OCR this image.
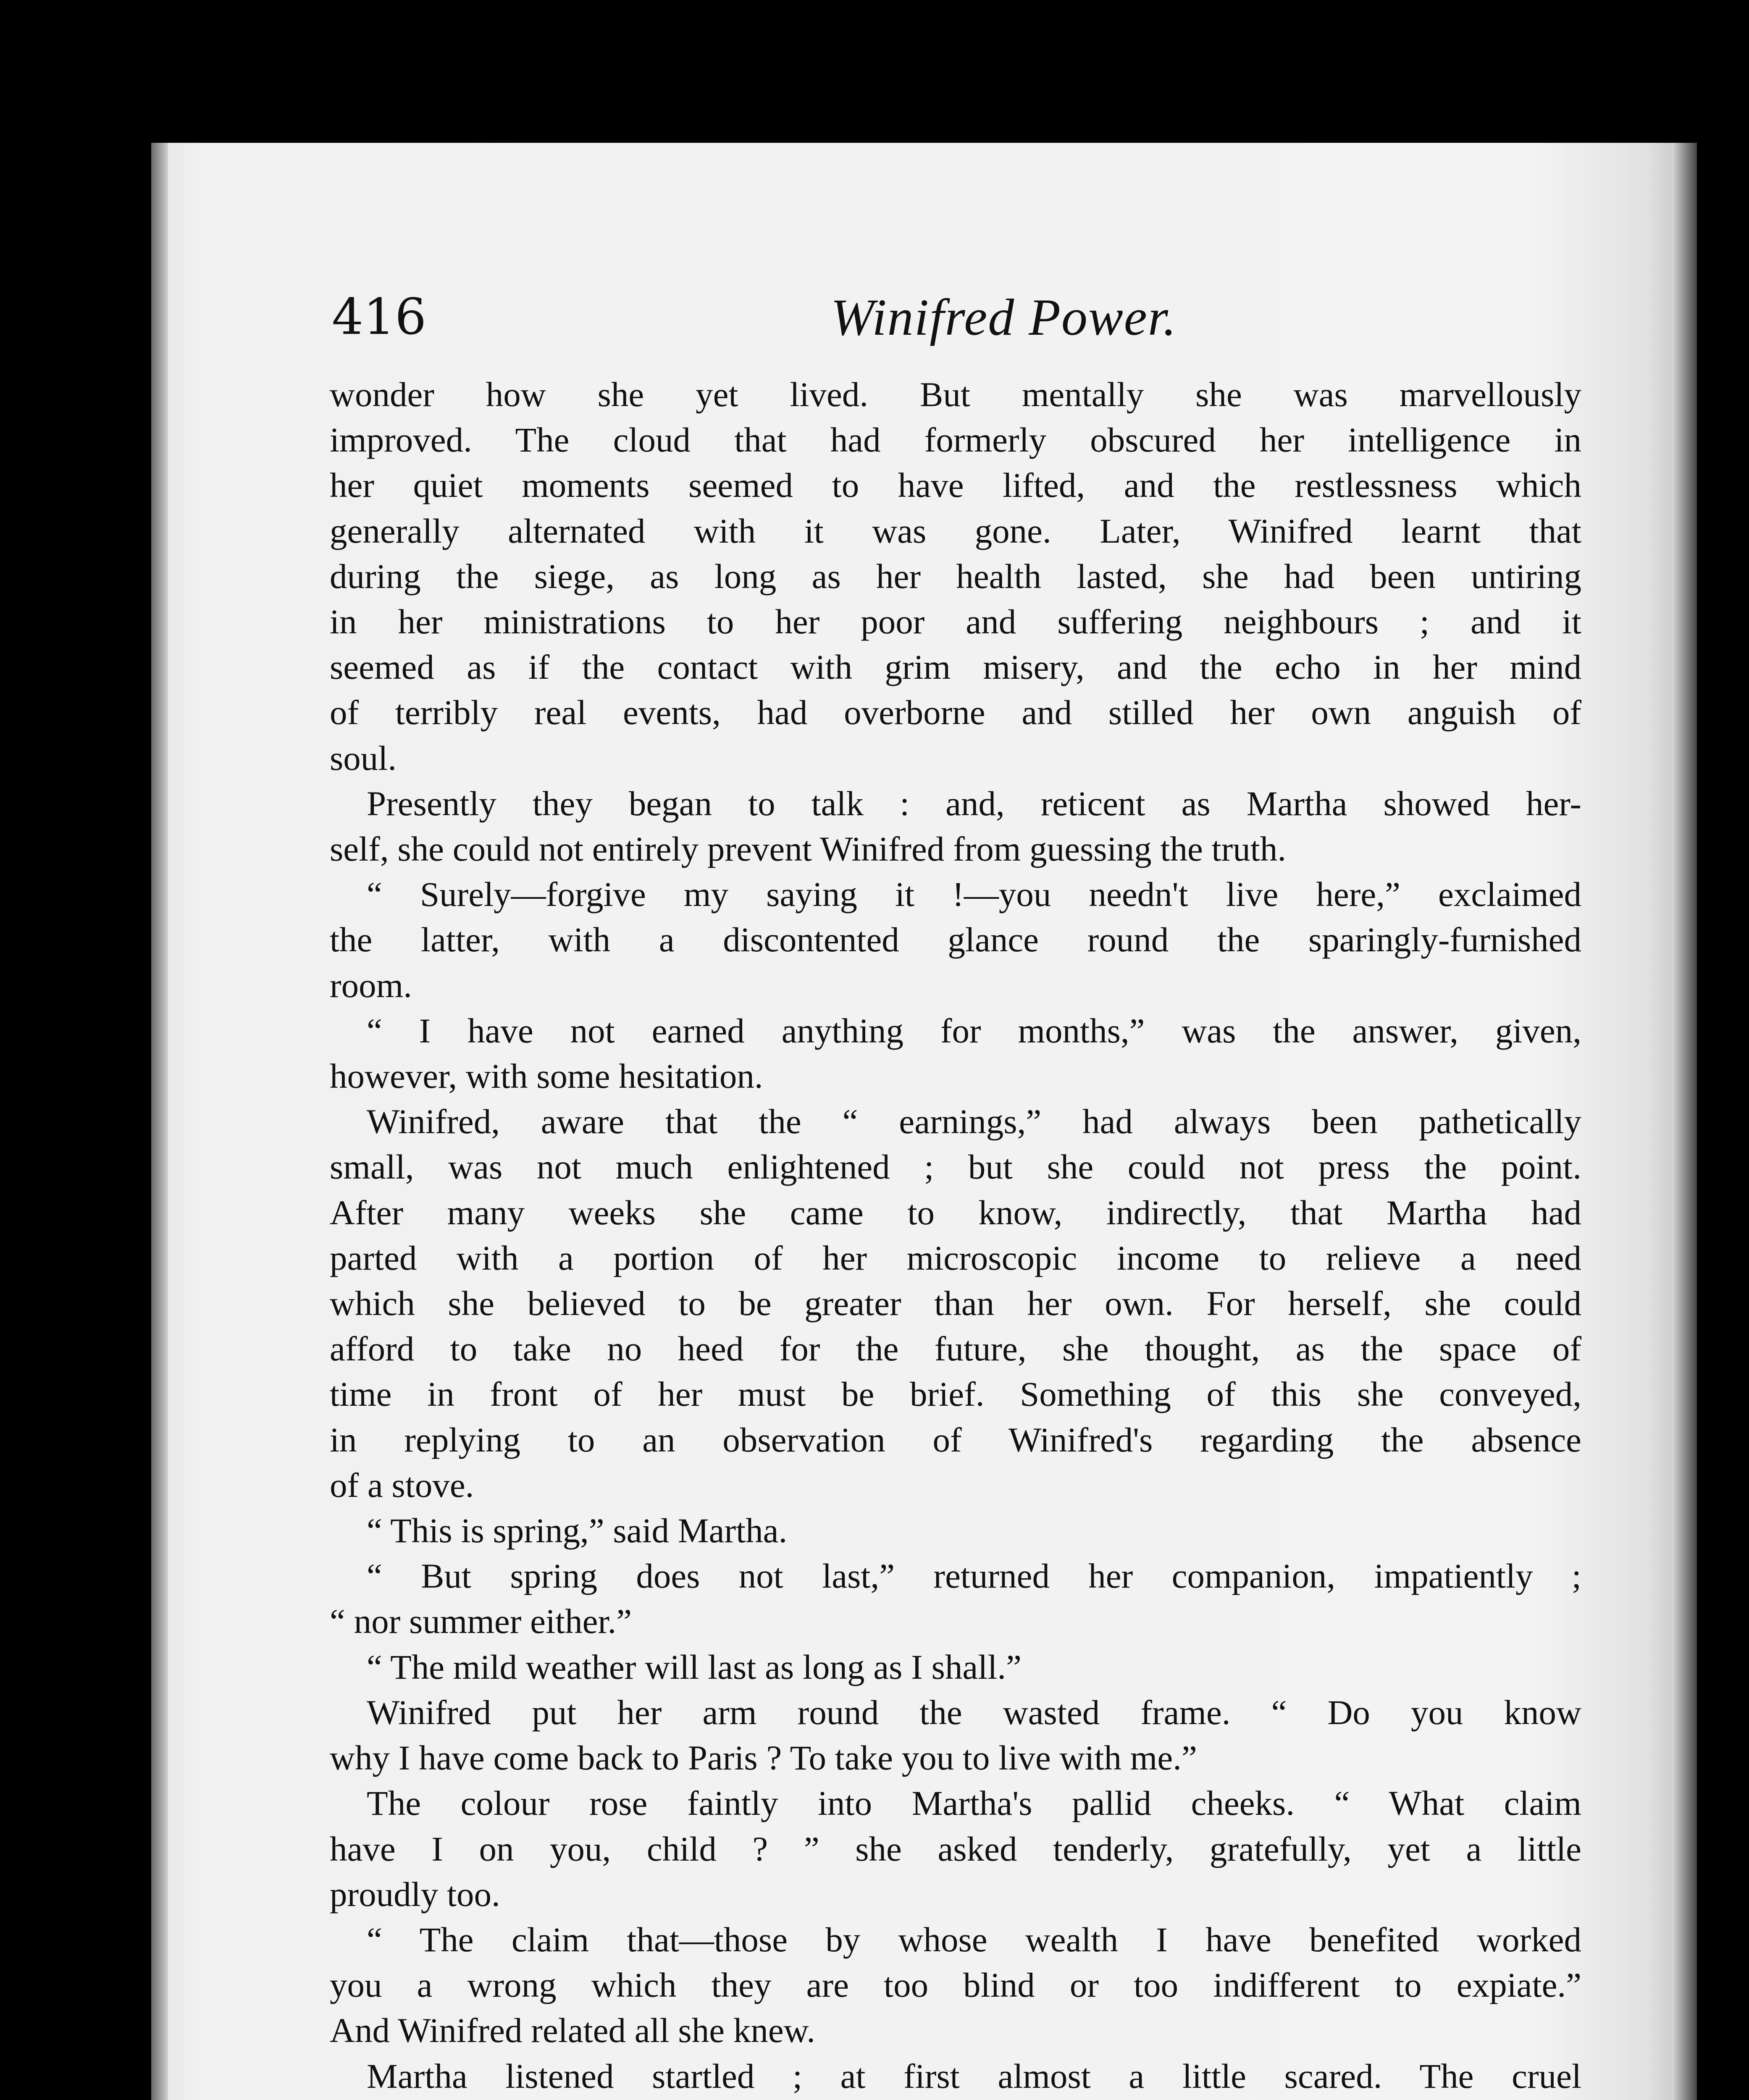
416	Winifred Power.
wonder how she yet lived. But mentally she was marvellously
improved. The cloud that had formerly obscured her intelligence in
her quiet moments seemed to have lifted, and the restlessness which
generally alternated with it was gone. Later, Winifred learnt that
during the siege, as long as her health lasted, she had been untiring
in her ministrations to her poor and suffering neighbours ; and it
seemed as if the contact with grim misery, and the echo in her mind
of terribly real events, had overborne and stilled her own anguish of
soul.
Presently they began to talk : and, reticent as Martha showed her-
self, she could not entirely prevent Winifred from guessing the truth.
“ Surely—forgive my saying it !—you needn't live here,” exclaimed
the latter, with a discontented glance round the sparingly-furnished
room.
“ I have not earned anything for months,” was the answer, given,
however, with some hesitation.
Winifred, aware that the “ earnings,” had always been pathetically
small, was not much enlightened ; but she could not press the point.
After many weeks she came to know, indirectly, that Martha had
parted with a portion of her microscopic income to relieve a need
which she believed to be greater than her own. For herself, she could
afford to take no heed for the future, she thought, as the space of
time in front of her must be brief. Something of this she conveyed,
in replying to an observation of Winifred's regarding the absence
of a stove.
“ This is spring,” said Martha.
“ But spring does not last,” returned her companion, impatiently ;
“ nor summer either.”
“ The mild weather will last as long as I shall.”
Winifred put her arm round the wasted frame. “ Do you know
why I have come back to Paris ? To take you to live with me.”
The colour rose faintly into Martha's pallid cheeks. “ What claim
have I on you, child ? ” she asked tenderly, gratefully, yet a little
proudly too.
“ The claim that—those by whose wealth I have benefited worked
you a wrong which they are too blind or too indifferent to expiate.”
And Winifred related all she knew.
Martha listened startled ; at first almost a little scared. The cruel
